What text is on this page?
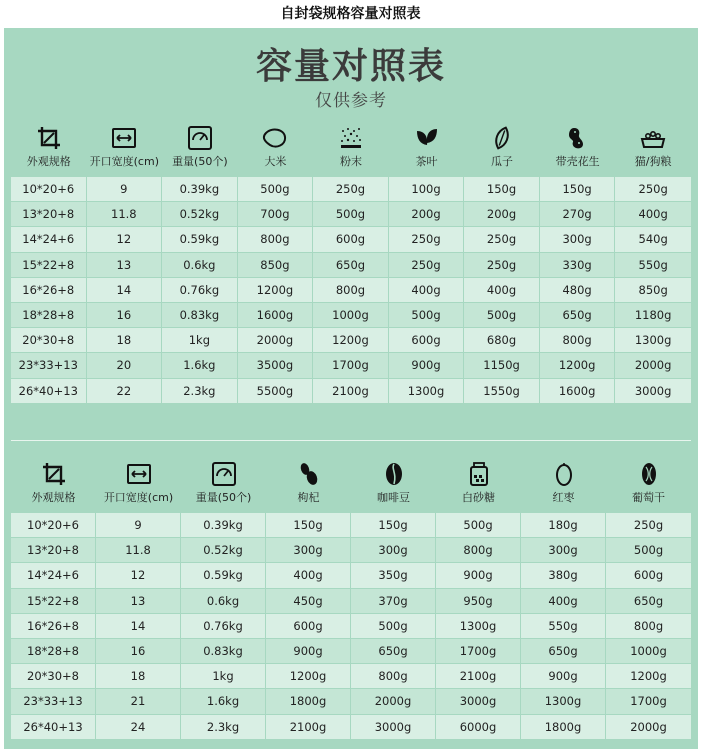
自封袋规格容量对照表
容量对照表
仅供参考
外观规格 开口宽度(cm) 重量(50个)	大米	粉末	茶叶	瓜子	带壳花生	猫/狗粮
10*20+6	9	0.39kg	500g	250g	100g	150g	150g	250g
13*20+8	11.8	0.52kg	700g	500g	200g	200g	270g	400g
14*24+6	12	0.59kg	800g	600g	250g	250g	300g	540g
15*22+8	13	0.6kg	850g	650g	250g	250g	330g	550g
16*26+8	14	0.76kg	1200g	800g	400g	400g	480g	850g
18*28+8	16	0.83kg	1600g	1000g	500g	500g	650g	1180g
20*30+8	18	1kg	2000g	1200g	600g	680g	800g	1300g
23*33+13	20	1.6kg	3500g	1700g	900g	1150g	1200g	2000g
26*40+13	22	2.3kg	5500g	2100g	1300g	1550g	1600g	3000g
外观规格	开口宽度(cm) 重量(50个)	枸杞	咖啡豆	白砂糖	红枣	葡萄干
10*20+6	9	0.39kg	150g	150g	500g	180g	250g
13*20+8	11.8	0.52kg	300g	300g	800g	300g	500g
14*24+6	12	0.59kg	400g	350g	900g	380g	600g
15*22+8	13	0.6kg	450g	370g	950g	400g	650g
16*26+8	14	0.76kg	600g	500g	1300g	550g	800g
18*28+8	16	0.83kg	900g	650g	1700g	650g	1000g
20*30+8	18	1kg	1200g	800g	2100g	900g	1200g
23*33+13	21	1.6kg	1800g	2000g	3000g	1300g	1700g
26*40+13	24	2.3kg	2100g	3000g	6000g	1800g	2000g
